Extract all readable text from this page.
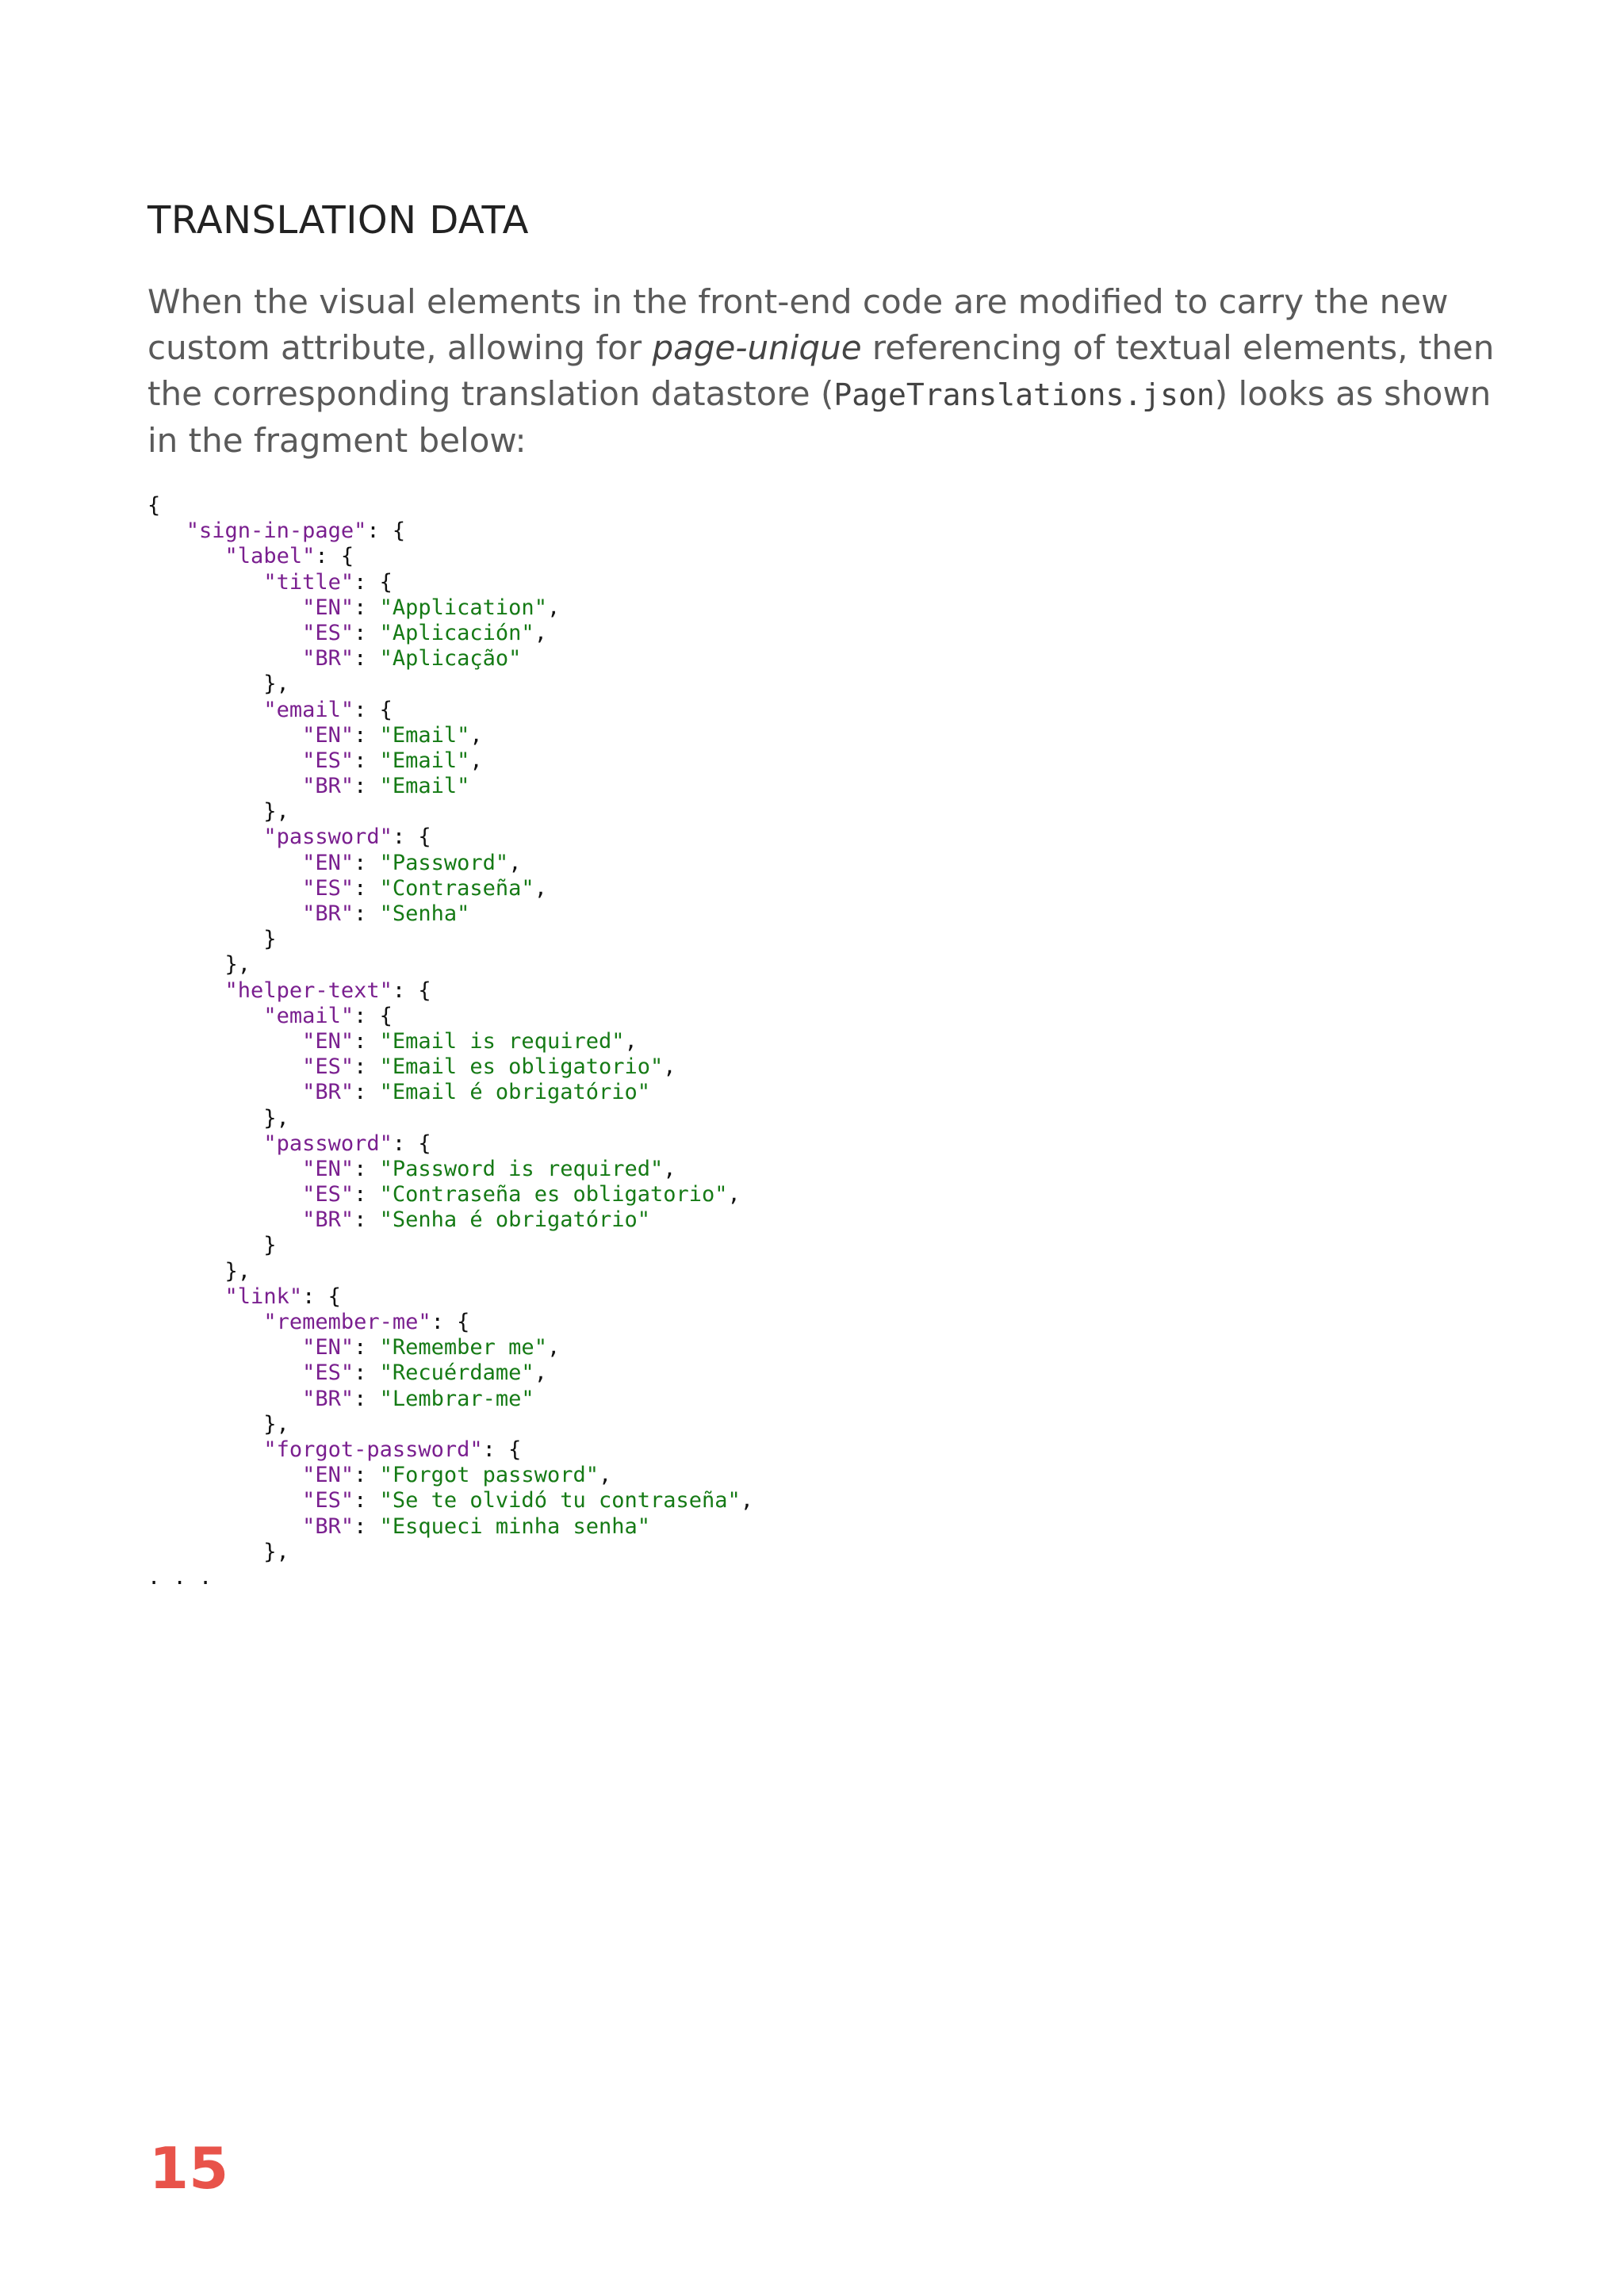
TRANSLATION DATA

When the visual elements in the front-end code are modified to carry the new custom attribute, allowing for page-unique referencing of textual elements, then the corresponding translation datastore (PageTranslations.json) looks as shown in the fragment below:

{
"sign-in-page": {
"label": {
"title": {
"EN": "Application",
"ES": "Aplicación",
"BR": "Aplicação"
},
"email": {
"EN": "Email",
"ES": "Email",
"BR": "Email"
},
"password": {
"EN": "Password",
"ES": "Contraseña",
"BR": "Senha"
}
},
"helper-text": {
"email": {
"EN": "Email is required",
"ES": "Email es obligatorio",
"BR": "Email é obrigatório"
},
"password": {
"EN": "Password is required",
"ES": "Contraseña es obligatorio",
"BR": "Senha é obrigatório"
}
},
"link": {
"remember-me": {
"EN": "Remember me",
"ES": "Recuérdame",
"BR": "Lembrar-me"
},
"forgot-password": {
"EN": "Forgot password",
"ES": "Se te olvidó tu contraseña",
"BR": "Esqueci minha senha"
},
. . .
15
